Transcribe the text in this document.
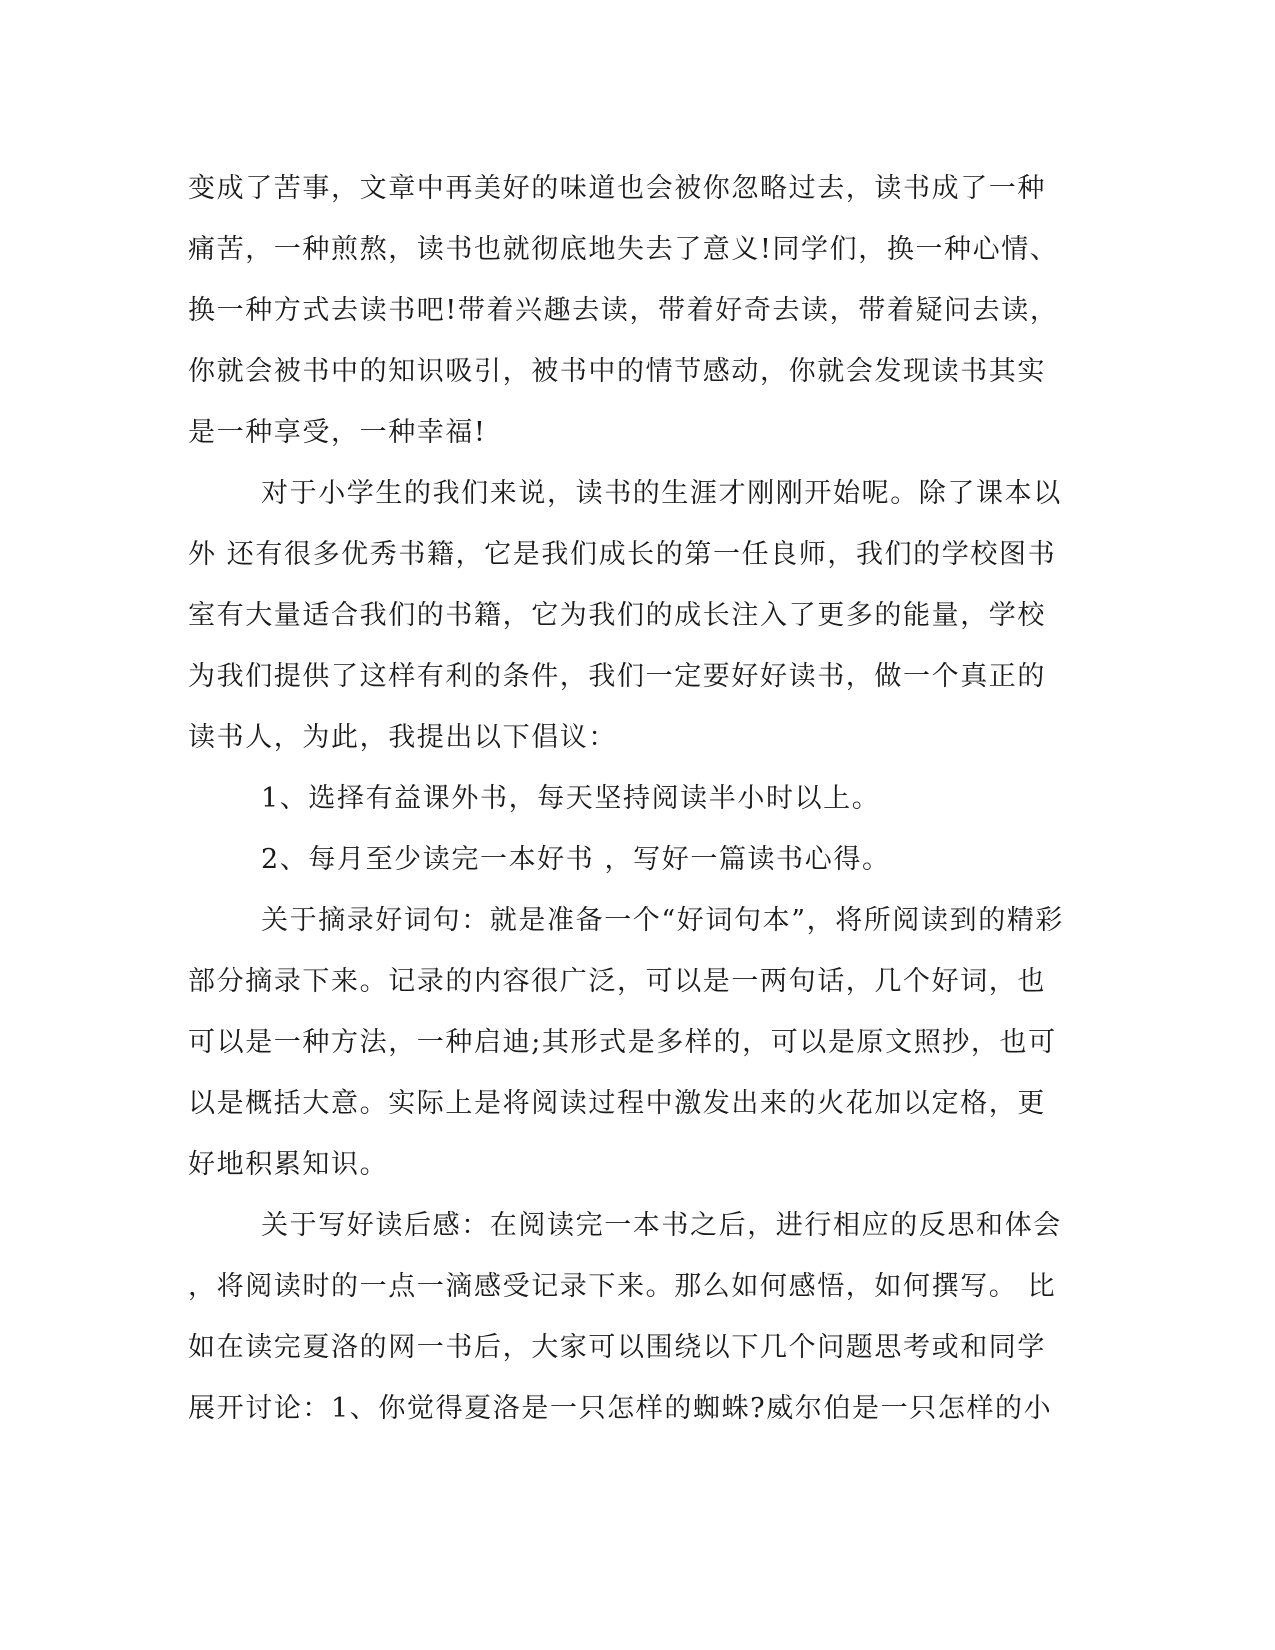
变成了苦事，文章中再美好的味道也会被你忽略过去，读书成了一种
痛苦，一种煎熬，读书也就彻底地失去了意义!同学们，换一种心情、
换一种方式去读书吧!带着兴趣去读，带着好奇去读，带着疑问去读，
你就会被书中的知识吸引，被书中的情节感动，你就会发现读书其实
是一种享受，一种幸福!
对于小学生的我们来说，读书的生涯才刚刚开始呢。除了课本以
外 还有很多优秀书籍，它是我们成长的第一任良师，我们的学校图书
室有大量适合我们的书籍，它为我们的成长注入了更多的能量，学校
为我们提供了这样有利的条件，我们一定要好好读书，做一个真正的
读书人，为此，我提出以下倡议：
1、选择有益课外书，每天坚持阅读半小时以上。
2、每月至少读完一本好书 ，写好一篇读书心得。
关于摘录好词句：就是准备一个“好词句本”，将所阅读到的精彩
部分摘录下来。记录的内容很广泛，可以是一两句话，几个好词，也
可以是一种方法，一种启迪;其形式是多样的，可以是原文照抄，也可
以是概括大意。实际上是将阅读过程中激发出来的火花加以定格，更
好地积累知识。
关于写好读后感：在阅读完一本书之后，进行相应的反思和体会
，将阅读时的一点一滴感受记录下来。那么如何感悟，如何撰写。 比
如在读完夏洛的网一书后，大家可以围绕以下几个问题思考或和同学
展开讨论：1、你觉得夏洛是一只怎样的蜘蛛?威尔伯是一只怎样的小
